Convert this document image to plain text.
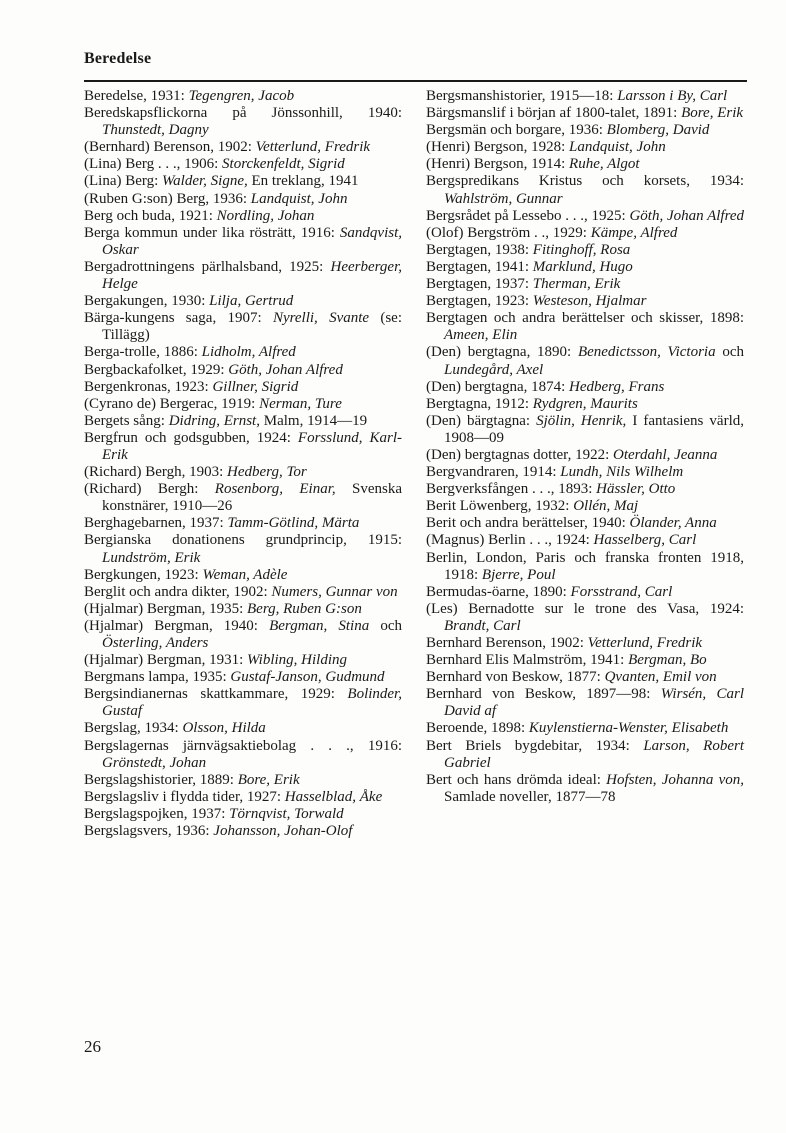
Beredelse
Beredelse, 1931: Tegengren, Jacob
Beredskapsflickorna på Jönssonhill, 1940: Thunstedt, Dagny
(Bernhard) Berenson, 1902: Vetterlund, Fredrik
(Lina) Berg . . ., 1906: Storckenfeldt, Sigrid
(Lina) Berg: Walder, Signe, En treklang, 1941
(Ruben G:son) Berg, 1936: Landquist, John
Berg och buda, 1921: Nordling, Johan
Berga kommun under lika rösträtt, 1916: Sandqvist, Oskar
Bergadrottningens pärlhalsband, 1925: Heerberger, Helge
Bergakungen, 1930: Lilja, Gertrud
Bärga-kungens saga, 1907: Nyrelli, Svante (se: Tillägg)
Berga-trolle, 1886: Lidholm, Alfred
Bergbackafolket, 1929: Göth, Johan Alfred
Bergenkronas, 1923: Gillner, Sigrid
(Cyrano de) Bergerac, 1919: Nerman, Ture
Bergets sång: Didring, Ernst, Malm, 1914—19
Bergfrun och godsgubben, 1924: Forsslund, Karl-Erik
(Richard) Bergh, 1903: Hedberg, Tor
(Richard) Bergh: Rosenborg, Einar, Svenska konstnärer, 1910—26
Berghagebarnen, 1937: Tamm-Götlind, Märta
Bergianska donationens grundprincip, 1915: Lundström, Erik
Bergkungen, 1923: Weman, Adèle
Berglit och andra dikter, 1902: Numers, Gunnar von
(Hjalmar) Bergman, 1935: Berg, Ruben G:son
(Hjalmar) Bergman, 1940: Bergman, Stina och Österling, Anders
(Hjalmar) Bergman, 1931: Wibling, Hilding
Bergmans lampa, 1935: Gustaf-Janson, Gudmund
Bergsindianernas skattkammare, 1929: Bolinder, Gustaf
Bergslag, 1934: Olsson, Hilda
Bergslagernas järnvägsaktiebolag . . ., 1916: Grönstedt, Johan
Bergslagshistorier, 1889: Bore, Erik
Bergslagsliv i flydda tider, 1927: Hasselblad, Åke
Bergslagspojken, 1937: Törnqvist, Torwald
Bergslagsvers, 1936: Johansson, Johan-Olof
Bergsmanshistorier, 1915—18: Larsson i By, Carl
Bärgsmanslif i början af 1800-talet, 1891: Bore, Erik
Bergsmän och borgare, 1936: Blomberg, David
(Henri) Bergson, 1928: Landquist, John
(Henri) Bergson, 1914: Ruhe, Algot
Bergspredikans Kristus och korsets, 1934: Wahlström, Gunnar
Bergsrådet på Lessebo . . ., 1925: Göth, Johan Alfred
(Olof) Bergström . ., 1929: Kämpe, Alfred
Bergtagen, 1938: Fitinghoff, Rosa
Bergtagen, 1941: Marklund, Hugo
Bergtagen, 1937: Therman, Erik
Bergtagen, 1923: Westeson, Hjalmar
Bergtagen och andra berättelser och skisser, 1898: Ameen, Elin
(Den) bergtagna, 1890: Benedictsson, Victoria och Lundegård, Axel
(Den) bergtagna, 1874: Hedberg, Frans
Bergtagna, 1912: Rydgren, Maurits
(Den) bärgtagna: Sjölin, Henrik, I fantasiens värld, 1908—09
(Den) bergtagnas dotter, 1922: Oterdahl, Jeanna
Bergvandraren, 1914: Lundh, Nils Wilhelm
Bergverksfången . . ., 1893: Hässler, Otto
Berit Löwenberg, 1932: Ollén, Maj
Berit och andra berättelser, 1940: Ölander, Anna
(Magnus) Berlin . . ., 1924: Hasselberg, Carl
Berlin, London, Paris och franska fronten 1918, 1918: Bjerre, Poul
Bermudas-öarne, 1890: Forsstrand, Carl
(Les) Bernadotte sur le trone des Vasa, 1924: Brandt, Carl
Bernhard Berenson, 1902: Vetterlund, Fredrik
Bernhard Elis Malmström, 1941: Bergman, Bo
Bernhard von Beskow, 1877: Qvanten, Emil von
Bernhard von Beskow, 1897—98: Wirsén, Carl David af
Beroende, 1898: Kuylenstierna-Wenster, Elisabeth
Bert Briels bygdebitar, 1934: Larson, Robert Gabriel
Bert och hans drömda ideal: Hofsten, Johanna von, Samlade noveller, 1877—78
26
